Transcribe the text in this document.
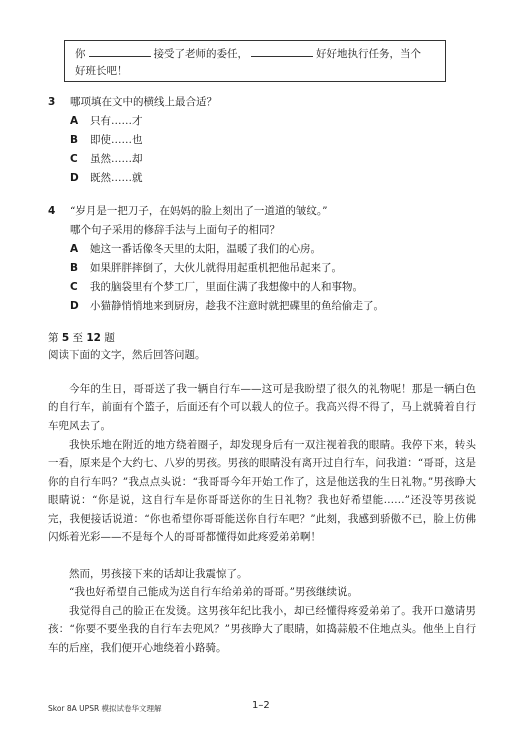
你	接受了老师的委任，	好好地执行任务，当个
好班长吧！
3 哪项填在文中的横线上最合适？
A 只有……才
B 即使……也
C 虽然……却
D 既然……就
4 “岁月是一把刀子，在妈妈的脸上刻出了一道道的皱纹。”
哪个句子采用的修辞手法与上面句子的相同？
A 她这一番话像冬天里的太阳，温暖了我们的心房。
B 如果胖胖摔倒了，大伙儿就得用起重机把他吊起来了。
C 我的脑袋里有个梦工厂，里面住满了我想像中的人和事物。
D 小猫静悄悄地来到厨房，趁我不注意时就把碟里的鱼给偷走了。
第 5 至 12 题
阅读下面的文字，然后回答问题。

今年的生日，哥哥送了我一辆自行车——这可是我盼望了很久的礼物呢！那是一辆白色的自行车，前面有个篮子，后面还有个可以载人的位子。我高兴得不得了，马上就骑着自行车兜风去了。

我快乐地在附近的地方绕着圈子，却发现身后有一双注视着我的眼睛。我停下来，转头一看，原来是个大约七、八岁的男孩。男孩的眼睛没有离开过自行车，问我道：“哥哥，这是你的自行车吗？”我点点头说：“我哥哥今年开始工作了，这是他送我的生日礼物。”男孩睁大眼睛说：“你是说，这自行车是你哥哥送你的生日礼物？我也好希望能……”还没等男孩说完，我便接话说道：“你也希望你哥哥能送你自行车吧？”此刻，我感到骄傲不已，脸上仿佛闪烁着光彩——不是每个人的哥哥都懂得如此疼爱弟弟啊！

然而，男孩接下来的话却让我震惊了。

“我也好希望自己能成为送自行车给弟弟的哥哥。”男孩继续说。

我觉得自己的脸正在发烫。这男孩年纪比我小，却已经懂得疼爱弟弟了。我开口邀请男孩：“你要不要坐我的自行车去兜风？”男孩睁大了眼睛，如捣蒜般不住地点头。他坐上自行车的后座，我们便开心地绕着小路骑。

Skor 8A UPSR 模拟试卷华文理解	1–2
